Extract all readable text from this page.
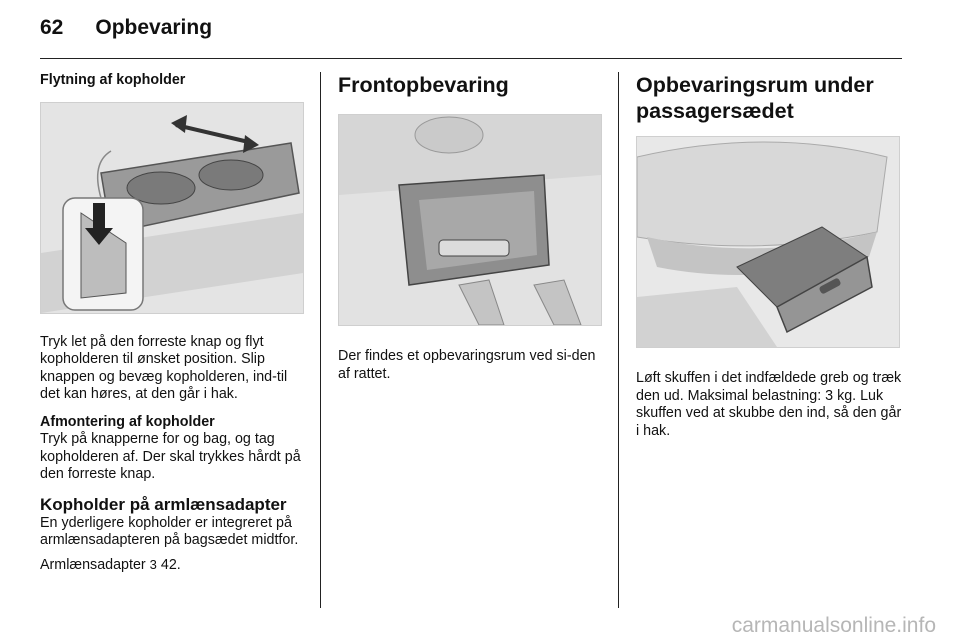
62 Opbevaring
Flytning af kopholder

Tryk let på den forreste knap og flyt kopholderen til ønsket position. Slip knappen og bevæg kopholderen, ind-til det kan høres, at den går i hak.

Afmontering af kopholder

Tryk på knapperne for og bag, og tag kopholderen af. Der skal trykkes hårdt på den forreste knap.

Kopholder på armlænsadapter

En yderligere kopholder er integreret på armlænsadapteren på bagsædet midtfor.

Armlænsadapter 3 42.

Frontopbevaring

Der findes et opbevaringsrum ved si-den af rattet.

Opbevaringsrum under passagersædet

Løft skuffen i det indfældede greb og træk den ud. Maksimal belastning: 3 kg. Luk skuffen ved at skubbe den ind, så den går i hak.

carmanualsonline.info
